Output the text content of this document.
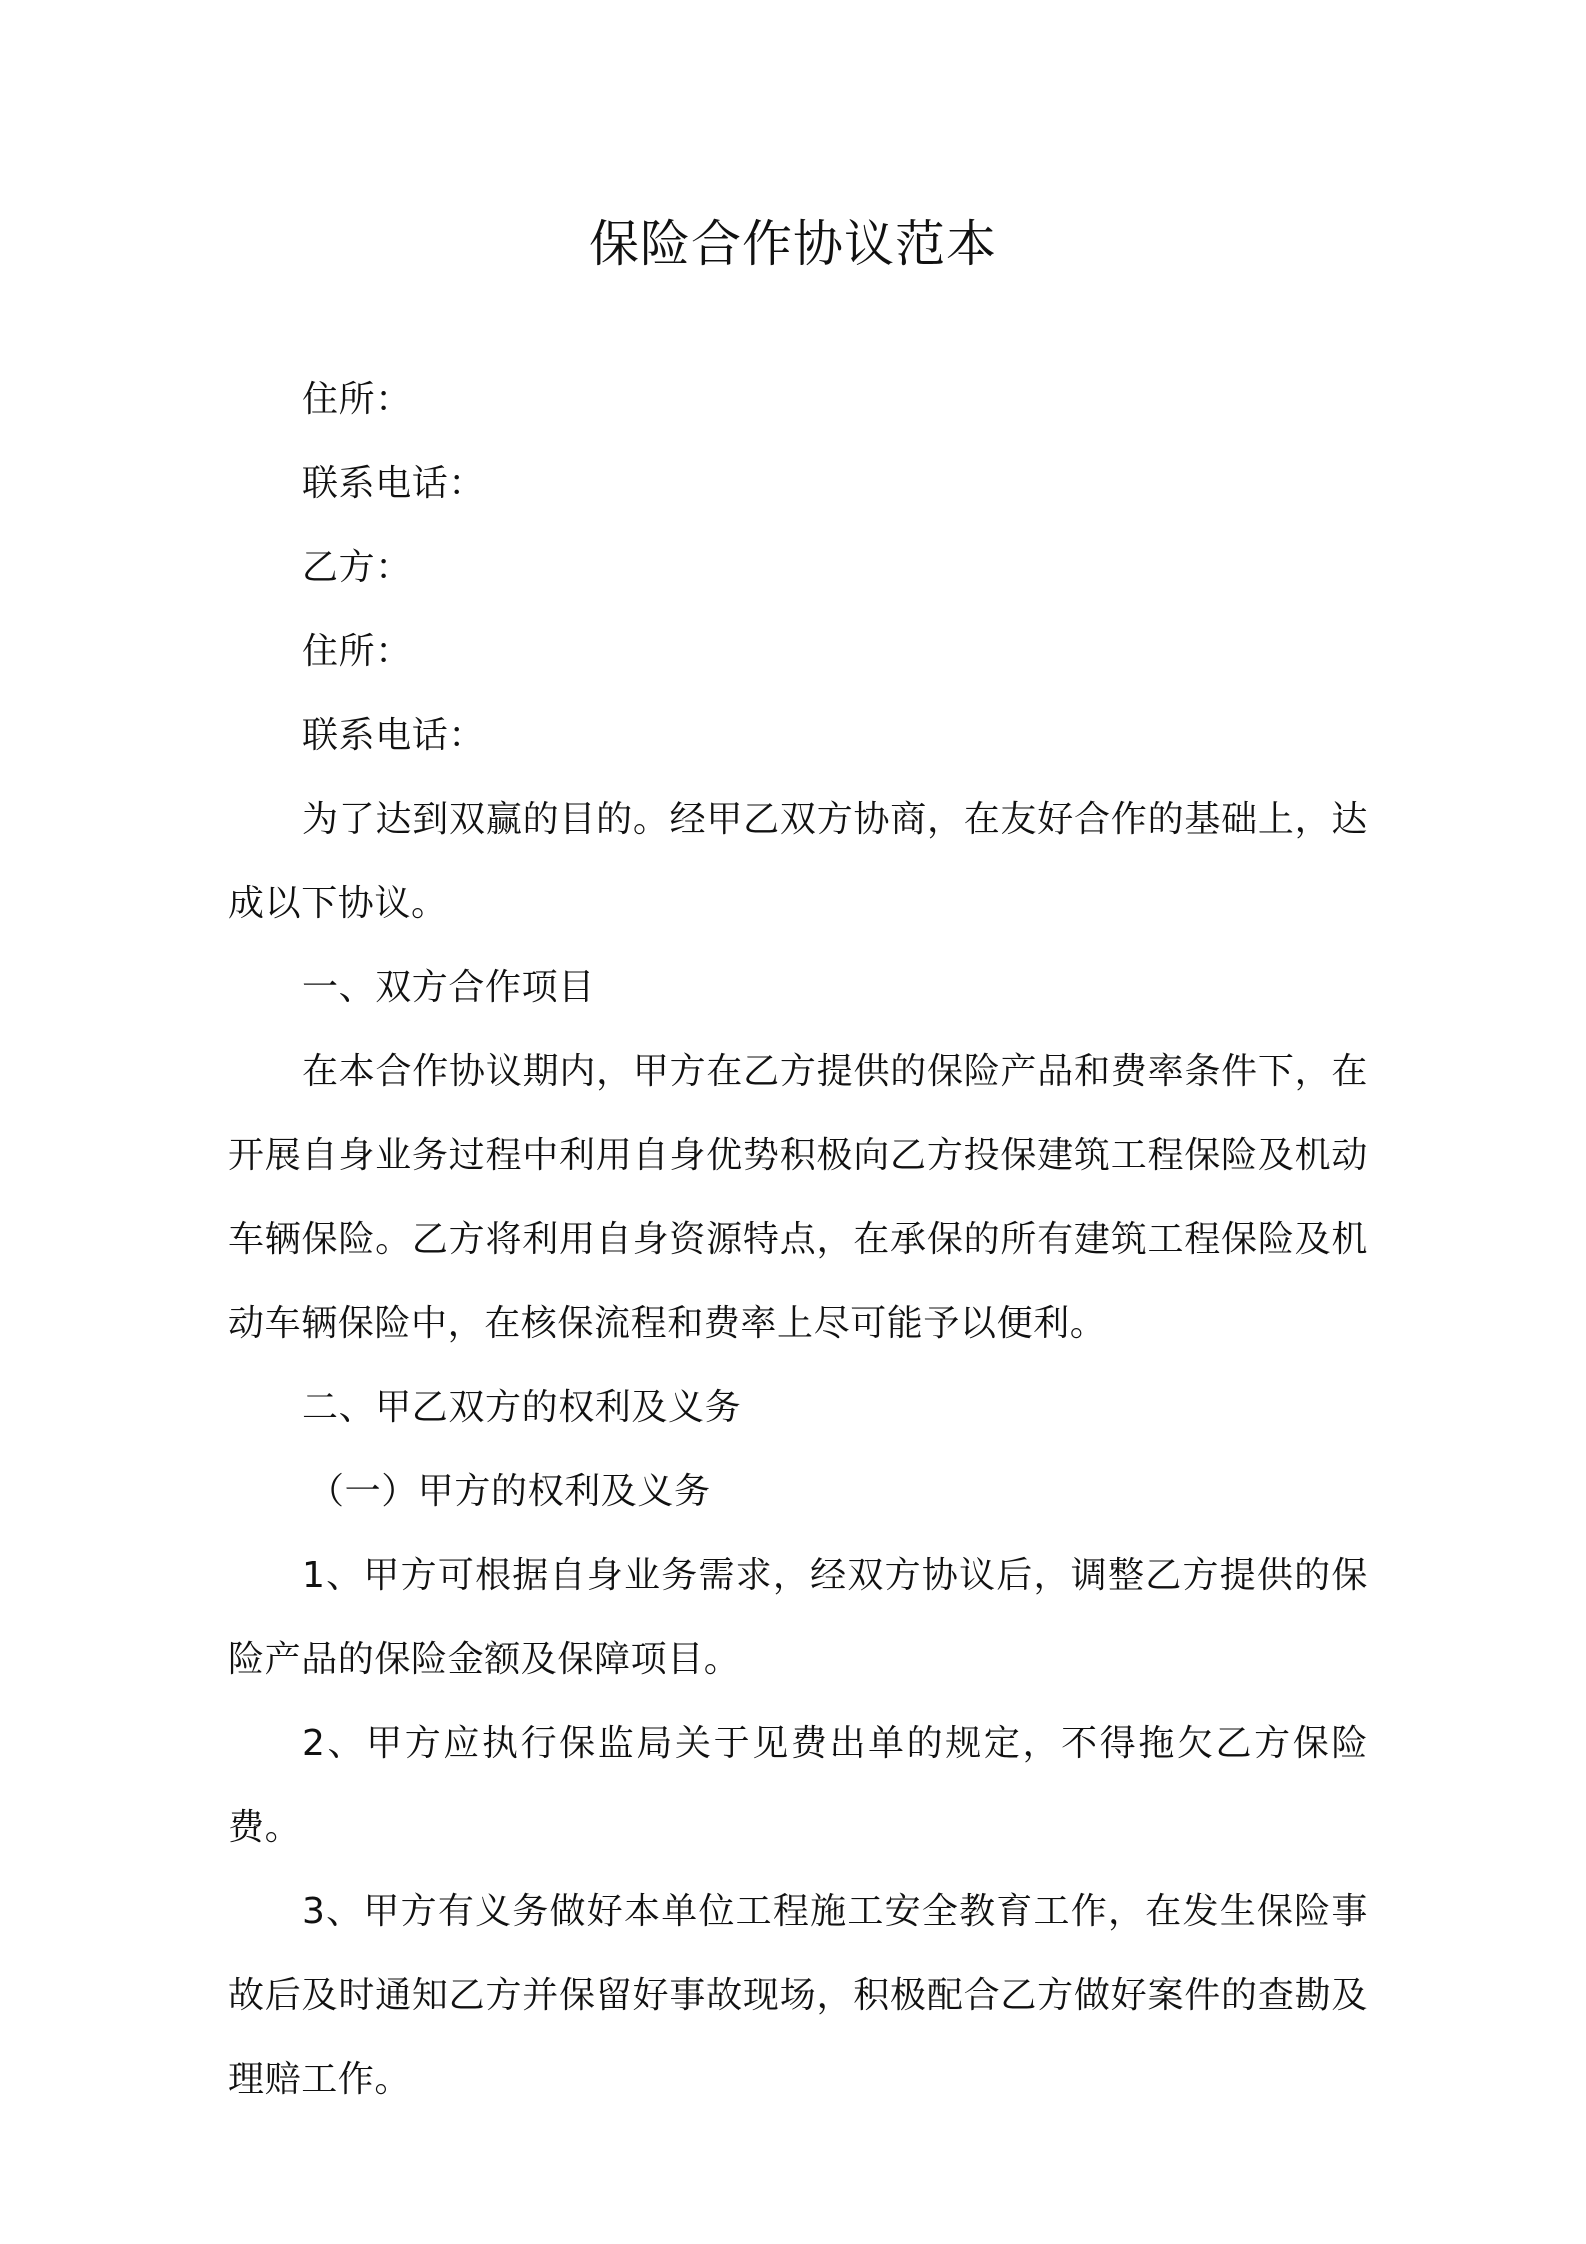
保险合作协议范本

住所：

联系电话：

乙方：

住所：

联系电话：

为了达到双赢的目的。经甲乙双方协商，在友好合作的基础上，达成以下协议。

一、双方合作项目

在本合作协议期内，甲方在乙方提供的保险产品和费率条件下，在开展自身业务过程中利用自身优势积极向乙方投保建筑工程保险及机动车辆保险。乙方将利用自身资源特点，在承保的所有建筑工程保险及机动车辆保险中，在核保流程和费率上尽可能予以便利。

二、甲乙双方的权利及义务

（一）甲方的权利及义务

1、甲方可根据自身业务需求，经双方协议后，调整乙方提供的保险产品的保险金额及保障项目。

2、甲方应执行保监局关于见费出单的规定，不得拖欠乙方保险费。

3、甲方有义务做好本单位工程施工安全教育工作，在发生保险事故后及时通知乙方并保留好事故现场，积极配合乙方做好案件的查勘及理赔工作。
